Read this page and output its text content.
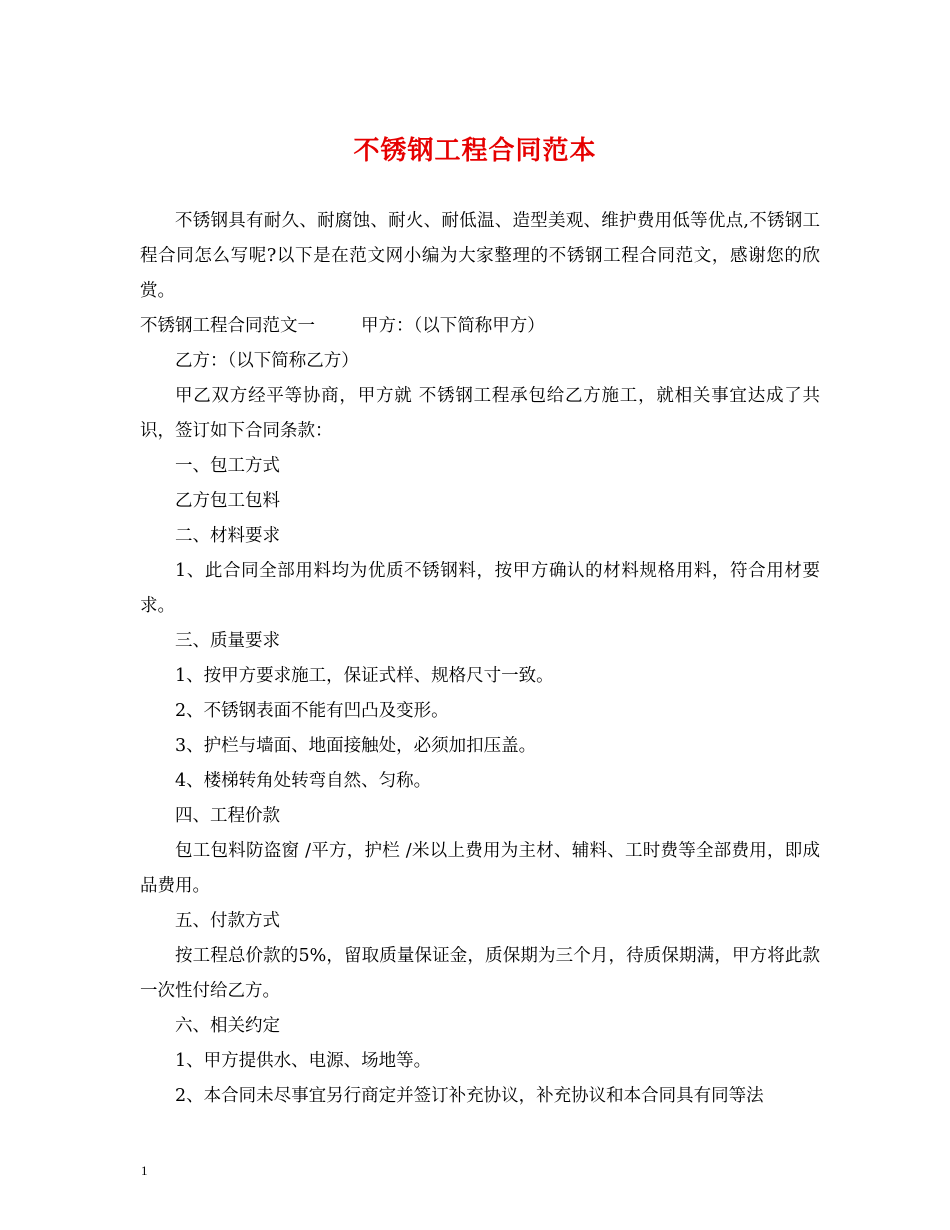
不锈钢工程合同范本

不锈钢具有耐久、耐腐蚀、耐火、耐低温、造型美观、维护费用低等优点,不锈钢工程合同怎么写呢?以下是在范文网小编为大家整理的不锈钢工程合同范文，感谢您的欣赏。

不锈钢工程合同范文一	甲方：（以下简称甲方）

乙方：（以下简称乙方）

甲乙双方经平等协商，甲方就 不锈钢工程承包给乙方施工，就相关事宜达成了共识，签订如下合同条款：

一、包工方式

乙方包工包料

二、材料要求

1、此合同全部用料均为优质不锈钢料，按甲方确认的材料规格用料，符合用材要求。

三、质量要求

1、按甲方要求施工，保证式样、规格尺寸一致。

2、不锈钢表面不能有凹凸及变形。

3、护栏与墙面、地面接触处，必须加扣压盖。

4、楼梯转角处转弯自然、匀称。

四、工程价款

包工包料防盗窗 /平方，护栏 /米以上费用为主材、辅料、工时费等全部费用，即成品费用。

五、付款方式

按工程总价款的5%，留取质量保证金，质保期为三个月，待质保期满，甲方将此款一次性付给乙方。

六、相关约定

1、甲方提供水、电源、场地等。

2、本合同未尽事宜另行商定并签订补充协议，补充协议和本合同具有同等法

1
